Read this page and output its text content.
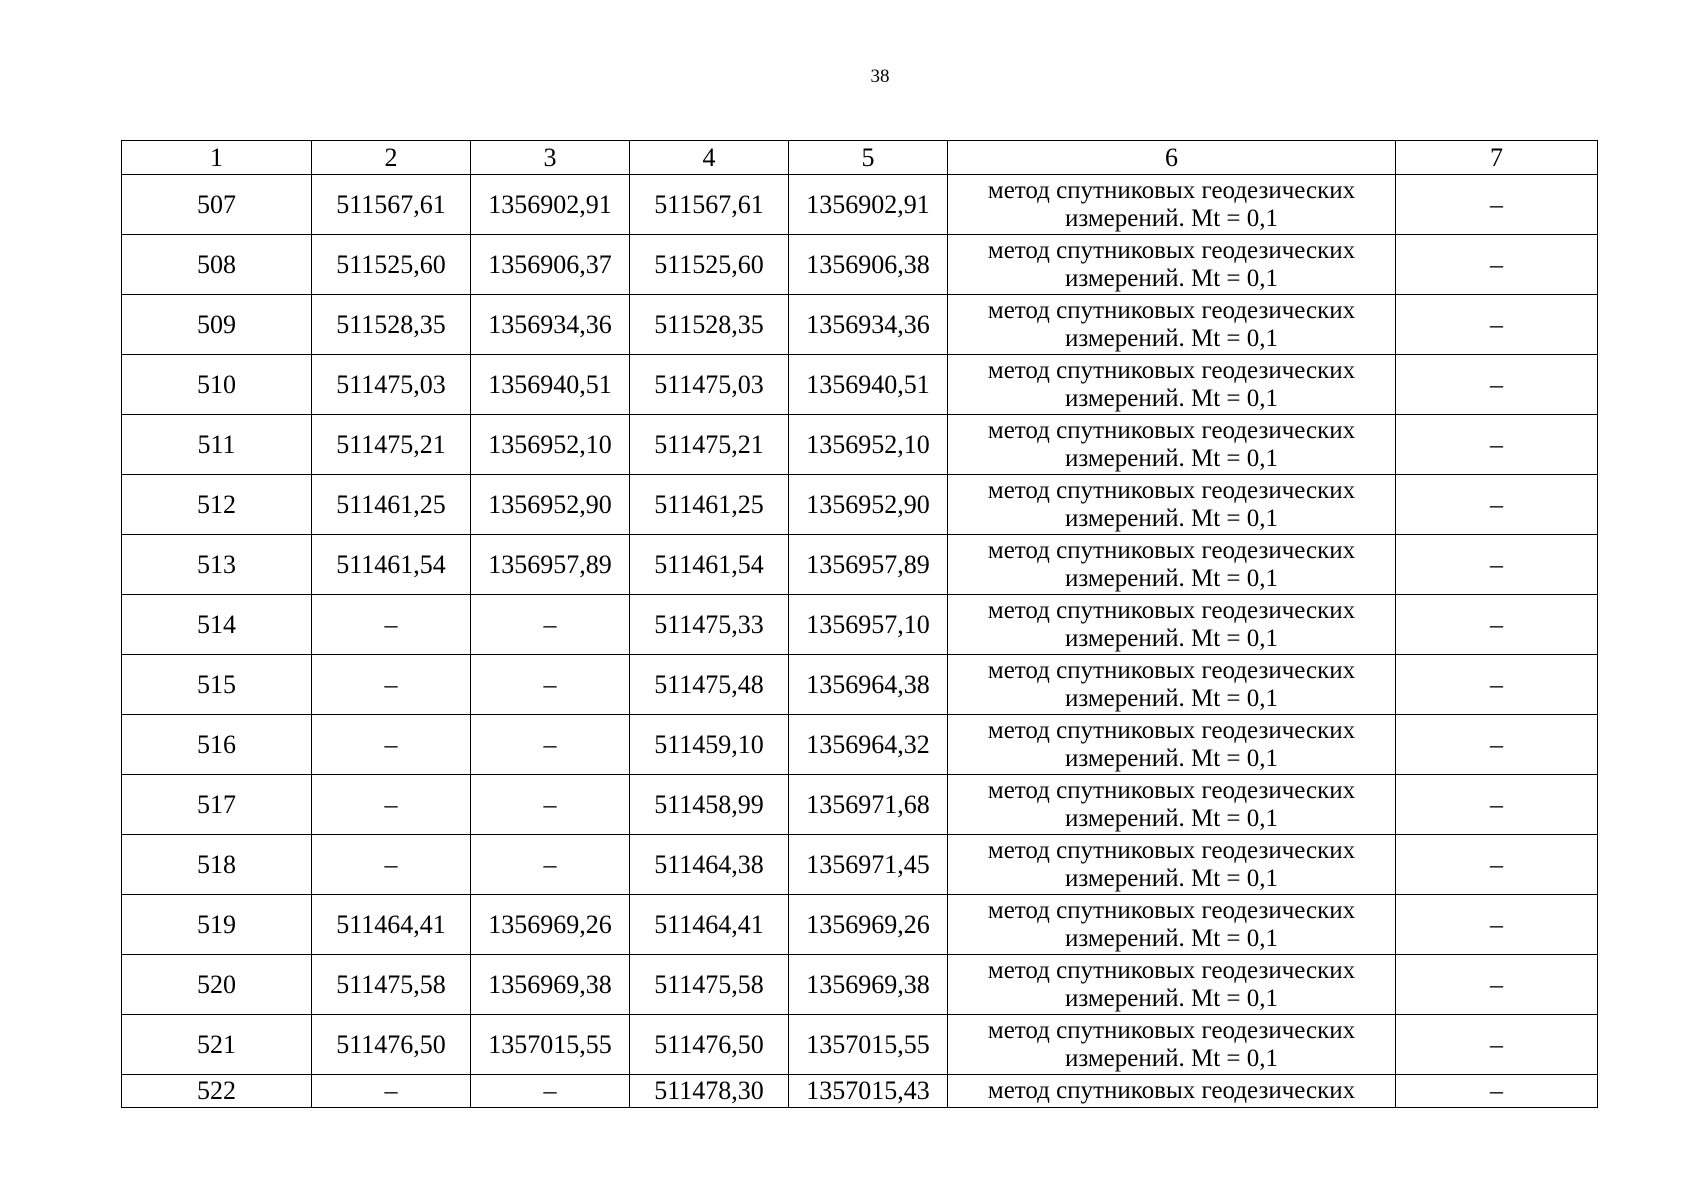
38
1	2	3	4	5	6	7
507	511567,61	1356902,91	511567,61	1356902,91	метод спутниковых геодезических
измерений. Mt = 0,1	–
508	511525,60	1356906,37	511525,60	1356906,38	метод спутниковых геодезических
измерений. Mt = 0,1	–
509	511528,35	1356934,36	511528,35	1356934,36	метод спутниковых геодезических
измерений. Mt = 0,1	–
510	511475,03	1356940,51	511475,03	1356940,51	метод спутниковых геодезических
измерений. Mt = 0,1	–
511	511475,21	1356952,10	511475,21	1356952,10	метод спутниковых геодезических
измерений. Mt = 0,1	–
512	511461,25	1356952,90	511461,25	1356952,90	метод спутниковых геодезических
измерений. Mt = 0,1	–
513	511461,54	1356957,89	511461,54	1356957,89	метод спутниковых геодезических
измерений. Mt = 0,1	–
514	–	–	511475,33	1356957,10	метод спутниковых геодезических
измерений. Mt = 0,1	–
515	–	–	511475,48	1356964,38	метод спутниковых геодезических
измерений. Mt = 0,1	–
516	–	–	511459,10	1356964,32	метод спутниковых геодезических
измерений. Mt = 0,1	–
517	–	–	511458,99	1356971,68	метод спутниковых геодезических
измерений. Mt = 0,1	–
518	–	–	511464,38	1356971,45	метод спутниковых геодезических
измерений. Mt = 0,1	–
519	511464,41	1356969,26	511464,41	1356969,26	метод спутниковых геодезических
измерений. Mt = 0,1	–
520	511475,58	1356969,38	511475,58	1356969,38	метод спутниковых геодезических
измерений. Mt = 0,1	–
521	511476,50	1357015,55	511476,50	1357015,55	метод спутниковых геодезических
измерений. Mt = 0,1	–
522	–	–	511478,30	1357015,43	метод спутниковых геодезических	–
